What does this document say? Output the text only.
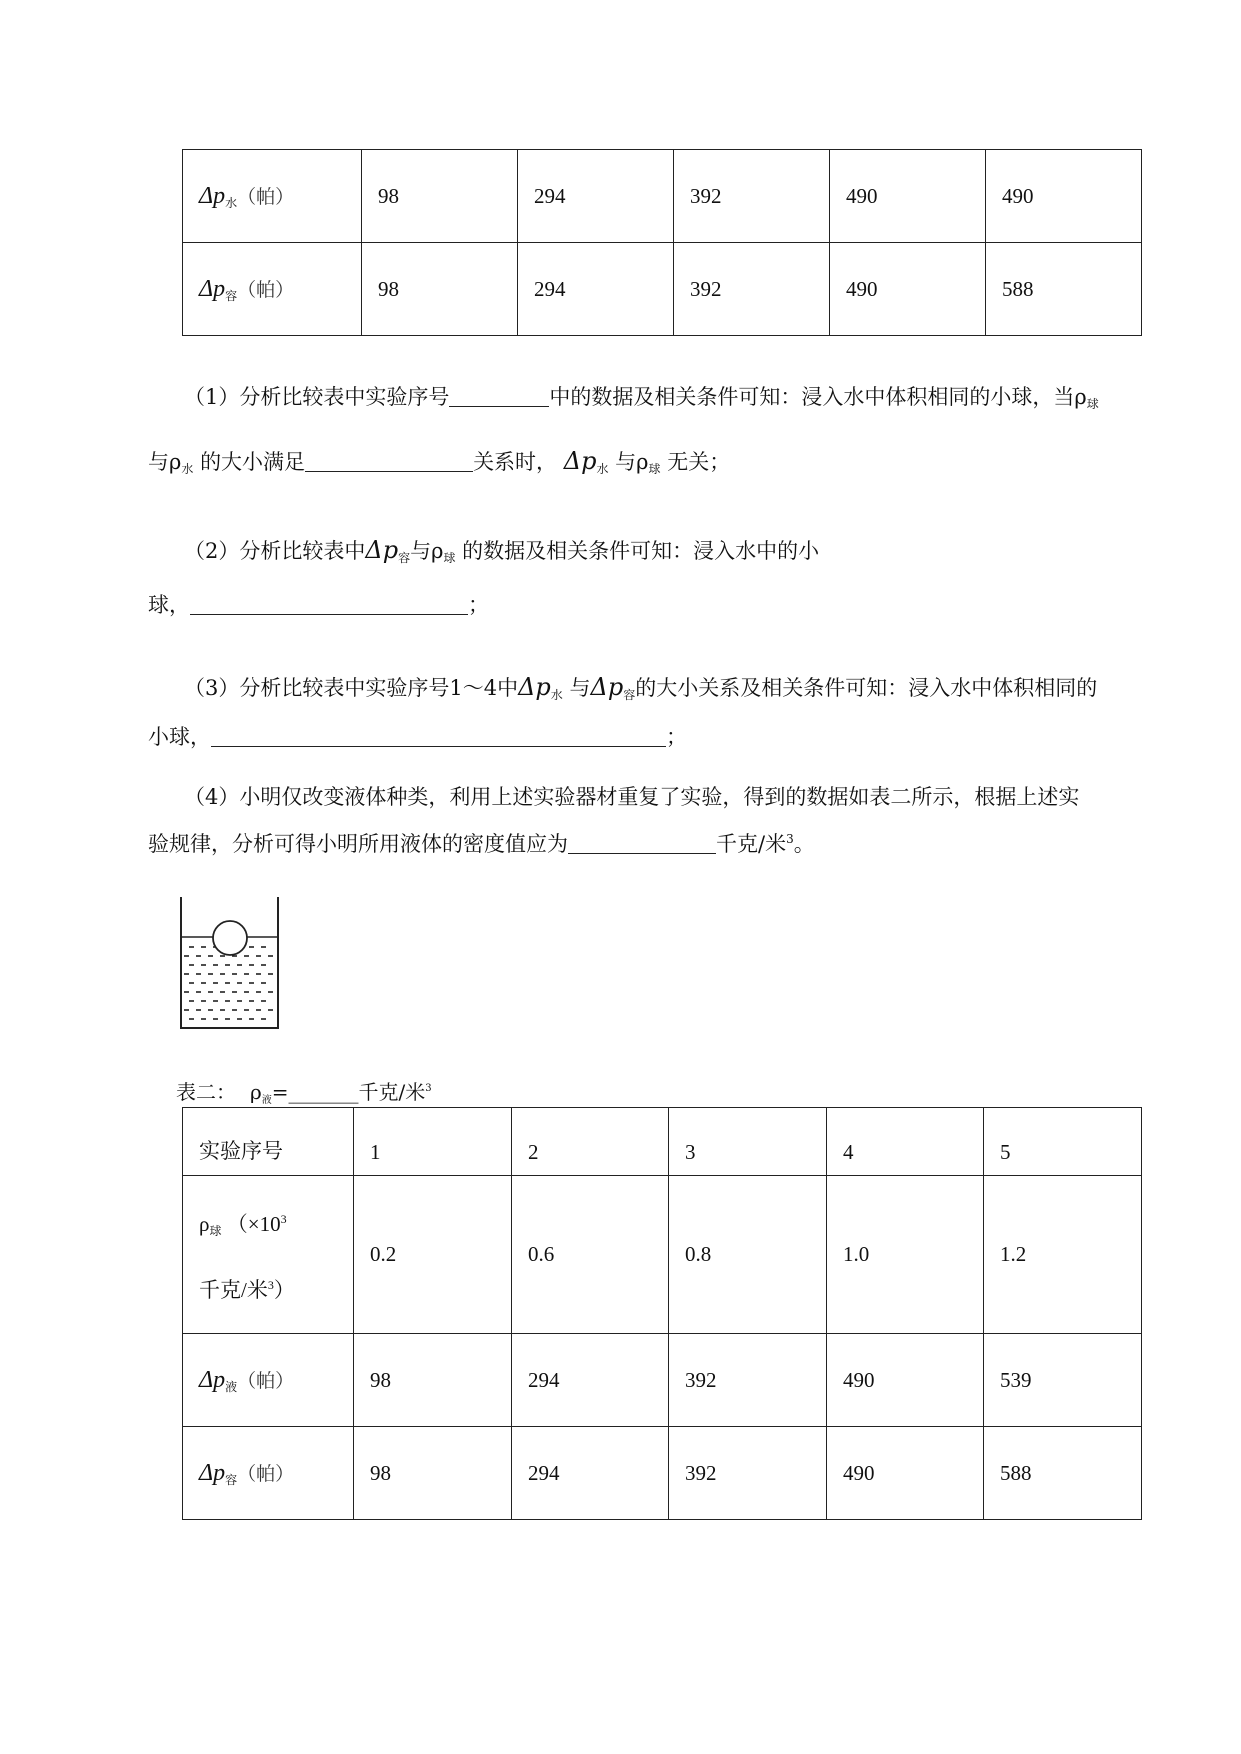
$\Delta p_水$（帕）	98	294	392	490	490
$\Delta p_容$（帕）	98	294	392	490	588
（1）分析比较表中实验序号	中的数据及相关条件可知：浸入水中体积相同的小球，当$\rho_球$
与$\rho_水$ 的大小满足	关系时， $\Delta p_水$ 与$\rho_球$ 无关；
（2）分析比较表中$\Delta p_容$与$\rho_球$ 的数据及相关条件可知：浸入水中的小
球，	；
（3）分析比较表中实验序号1～4中$\Delta p_水$ 与$\Delta p_容$的大小关系及相关条件可知：浸入水中体积相同的
小球，	；
（4）小明仅改变液体种类，利用上述实验器材重复了实验，得到的数据如表二所示，根据上述实
验规律，分析可得小明所用液体的密度值应为	千克/米$^3$。
表二： $\rho_液=\_\_\_\_\_\_\_$千克/米$^3$
实验序号	1	2	3	4	5

$\rho_球$ （$\times 10^3$
千克/米$^3$）	0.2	0.6	0.8	1.0	1.2
$\Delta p_液$（帕）	98	294	392	490	539
$\Delta p_容$（帕）	98	294	392	490	588
